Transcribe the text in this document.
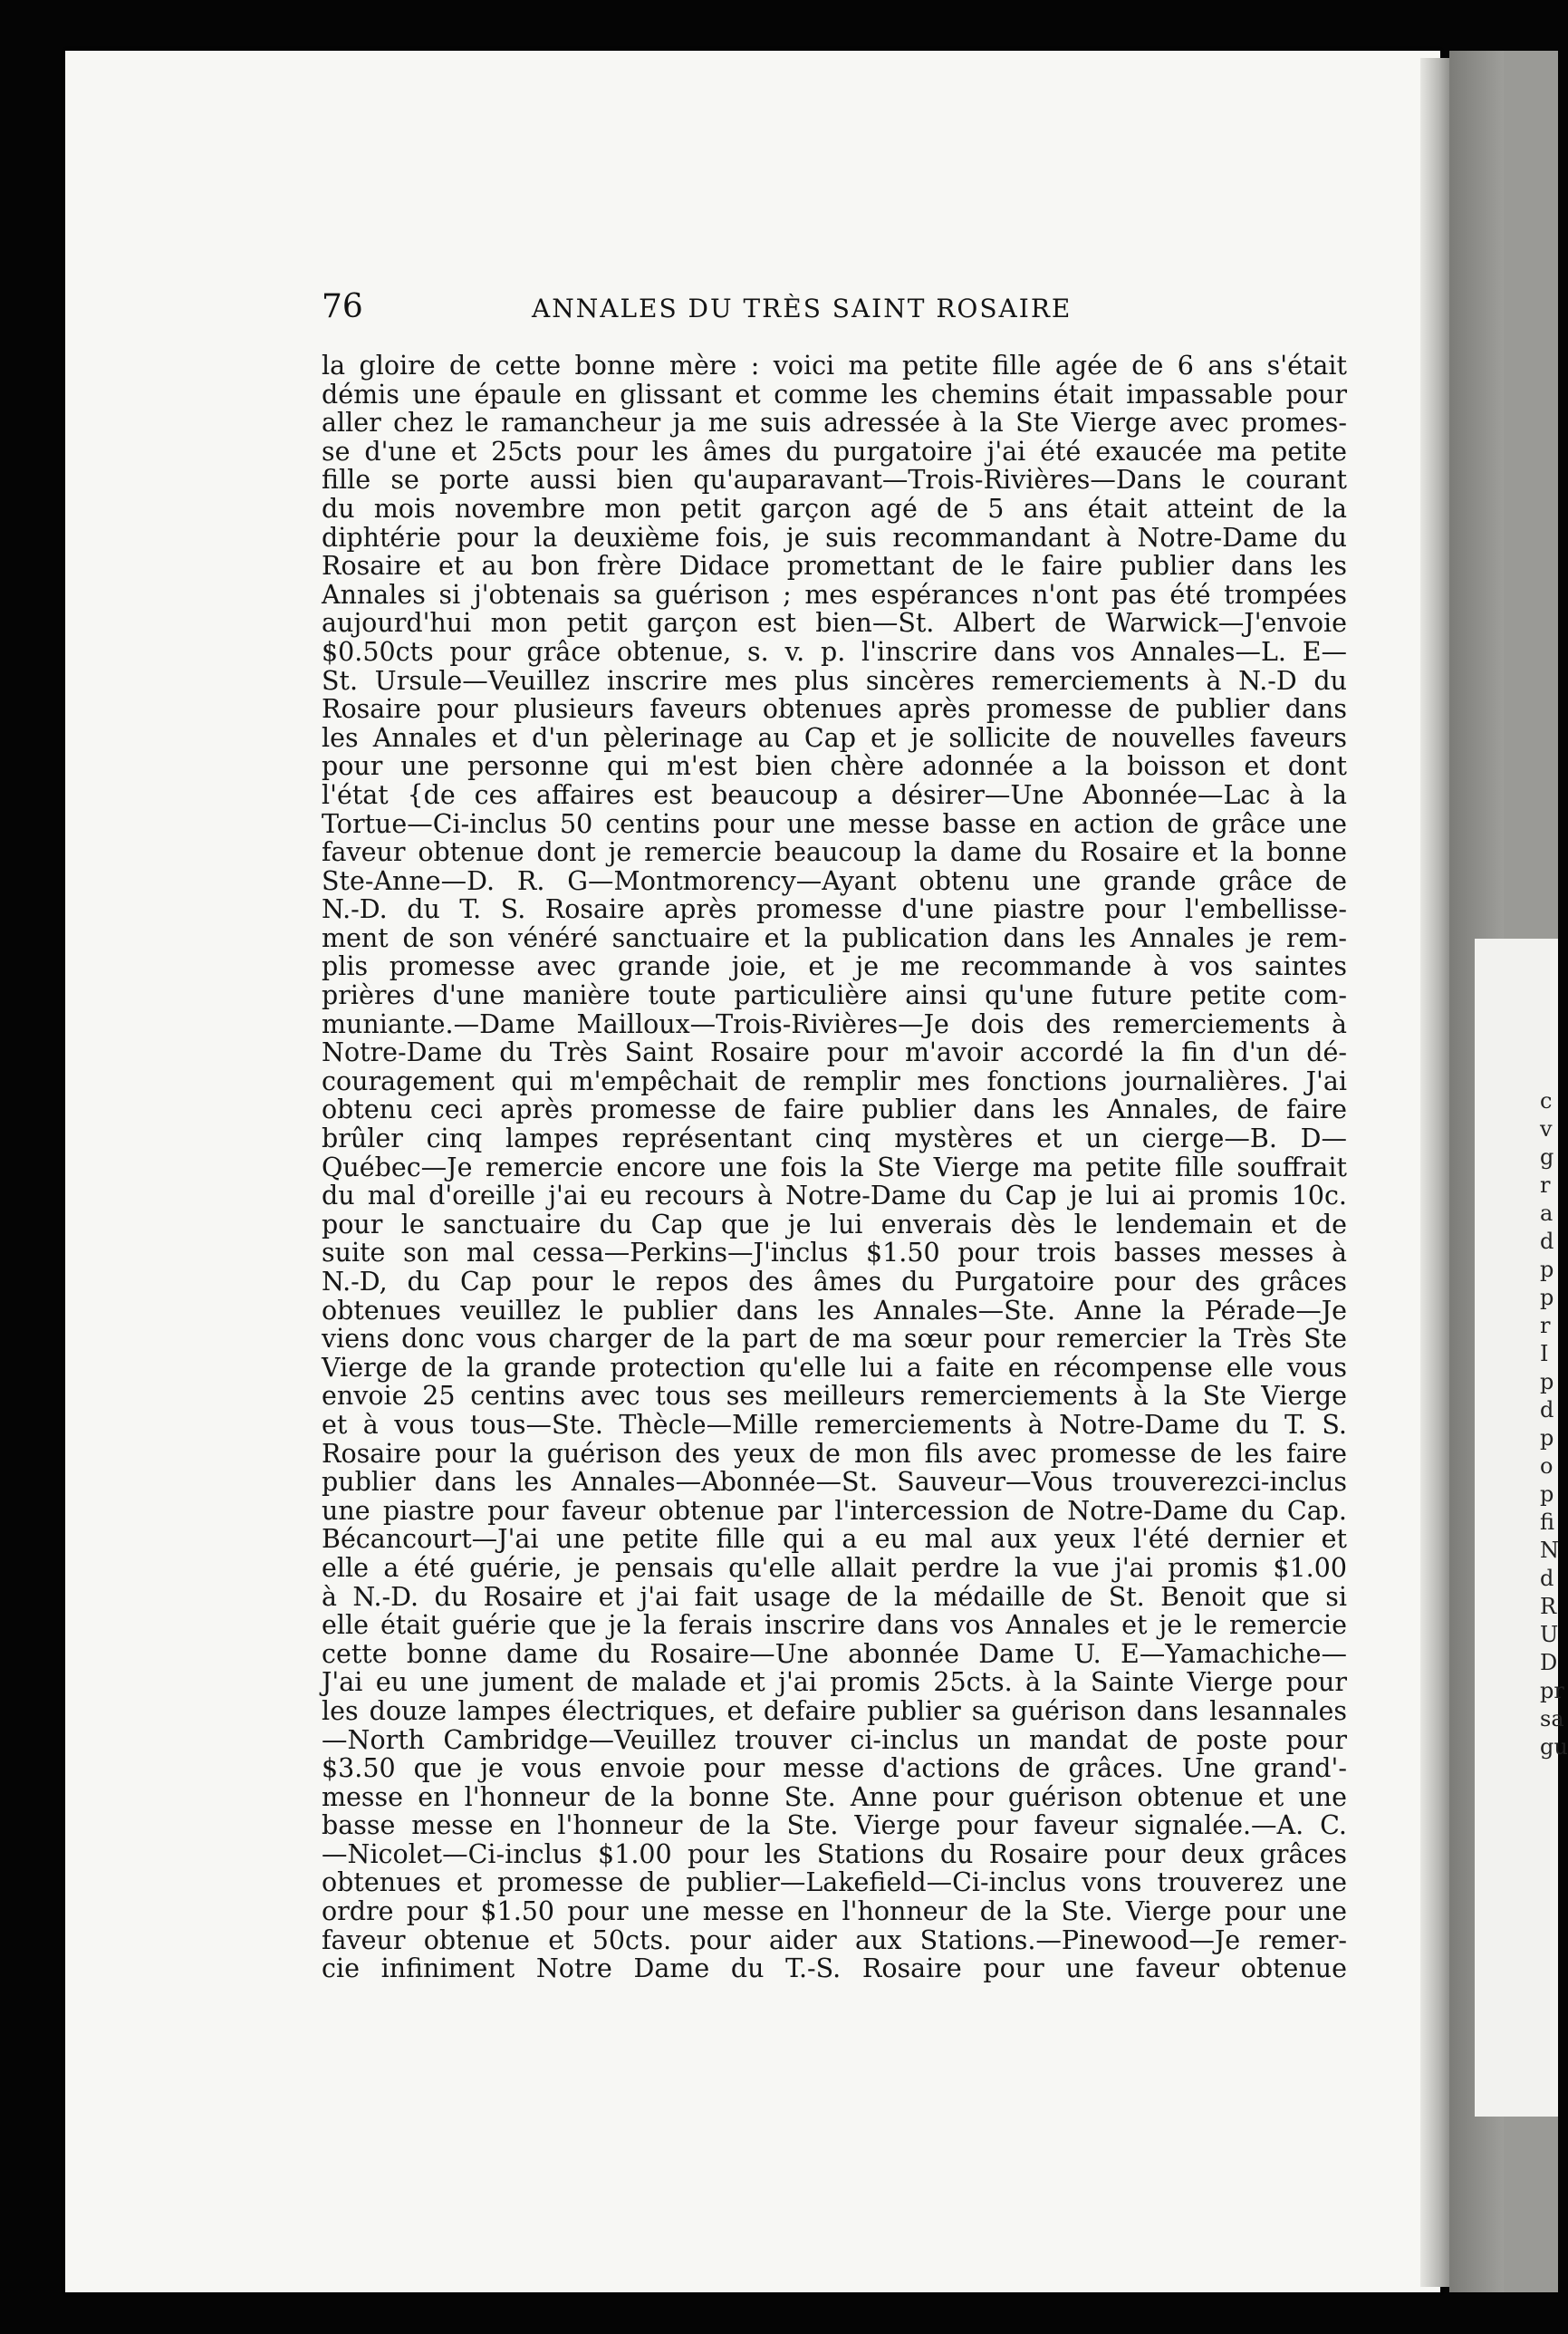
c
v
g
r
a
d
p
p
r
I
p
d
p
o
p
fi
N
d
R
U
D
pr
sa
gu
76	ANNALES DU TRÈS SAINT ROSAIRE
la gloire de cette bonne mère : voici ma petite fille agée de 6 ans s'était
démis une épaule en glissant et comme les chemins était impassable pour
aller chez le ramancheur ja me suis adressée à la Ste Vierge avec promes-
se d'une et 25cts pour les âmes du purgatoire j'ai été exaucée ma petite
fille se porte aussi bien qu'auparavant—Trois-Rivières—Dans le courant
du mois novembre mon petit garçon agé de 5 ans était atteint de la
diphtérie pour la deuxième fois, je suis recommandant à Notre-Dame du
Rosaire et au bon frère Didace promettant de le faire publier dans les
Annales si j'obtenais sa guérison ; mes espérances n'ont pas été trompées
aujourd'hui mon petit garçon est bien—St. Albert de Warwick—J'envoie
$0.50cts pour grâce obtenue, s. v. p. l'inscrire dans vos Annales—L. E—
St. Ursule—Veuillez inscrire mes plus sincères remerciements à N.-D du
Rosaire pour plusieurs faveurs obtenues après promesse de publier dans
les Annales et d'un pèlerinage au Cap et je sollicite de nouvelles faveurs
pour une personne qui m'est bien chère adonnée a la boisson et dont
l'état {de ces affaires est beaucoup a désirer—Une Abonnée—Lac à la
Tortue—Ci-inclus 50 centins pour une messe basse en action de grâce une
faveur obtenue dont je remercie beaucoup la dame du Rosaire et la bonne
Ste-Anne—D. R. G—Montmorency—Ayant obtenu une grande grâce de
N.-D. du T. S. Rosaire après promesse d'une piastre pour l'embellisse-
ment de son vénéré sanctuaire et la publication dans les Annales je rem-
plis promesse avec grande joie, et je me recommande à vos saintes
prières d'une manière toute particulière ainsi qu'une future petite com-
muniante.—Dame Mailloux—Trois-Rivières—Je dois des remerciements à
Notre-Dame du Très Saint Rosaire pour m'avoir accordé la fin d'un dé-
couragement qui m'empêchait de remplir mes fonctions journalières. J'ai
obtenu ceci après promesse de faire publier dans les Annales, de faire
brûler cinq lampes représentant cinq mystères et un cierge—B. D—
Québec—Je remercie encore une fois la Ste Vierge ma petite fille souffrait
du mal d'oreille j'ai eu recours à Notre-Dame du Cap je lui ai promis 10c.
pour le sanctuaire du Cap que je lui enverais dès le lendemain et de
suite son mal cessa—Perkins—J'inclus $1.50 pour trois basses messes à
N.-D, du Cap pour le repos des âmes du Purgatoire pour des grâces
obtenues veuillez le publier dans les Annales—Ste. Anne la Pérade—Je
viens donc vous charger de la part de ma sœur pour remercier la Très Ste
Vierge de la grande protection qu'elle lui a faite en récompense elle vous
envoie 25 centins avec tous ses meilleurs remerciements à la Ste Vierge
et à vous tous—Ste. Thècle—Mille remerciements à Notre-Dame du T. S.
Rosaire pour la guérison des yeux de mon fils avec promesse de les faire
publier dans les Annales—Abonnée—St. Sauveur—Vous trouverezci-inclus
une piastre pour faveur obtenue par l'intercession de Notre-Dame du Cap.
Bécancourt—J'ai une petite fille qui a eu mal aux yeux l'été dernier et
elle a été guérie, je pensais qu'elle allait perdre la vue j'ai promis $1.00
à N.-D. du Rosaire et j'ai fait usage de la médaille de St. Benoit que si
elle était guérie que je la ferais inscrire dans vos Annales et je le remercie
cette bonne dame du Rosaire—Une abonnée Dame U. E—Yamachiche—
J'ai eu une jument de malade et j'ai promis 25cts. à la Sainte Vierge pour
les douze lampes électriques, et defaire publier sa guérison dans lesannales
—North Cambridge—Veuillez trouver ci-inclus un mandat de poste pour
$3.50 que je vous envoie pour messe d'actions de grâces. Une grand'-
messe en l'honneur de la bonne Ste. Anne pour guérison obtenue et une
basse messe en l'honneur de la Ste. Vierge pour faveur signalée.—A. C.
—Nicolet—Ci-inclus $1.00 pour les Stations du Rosaire pour deux grâces
obtenues et promesse de publier—Lakefield—Ci-inclus vons trouverez une
ordre pour $1.50 pour une messe en l'honneur de la Ste. Vierge pour une
faveur obtenue et 50cts. pour aider aux Stations.—Pinewood—Je remer-
cie infiniment Notre Dame du T.-S. Rosaire pour une faveur obtenue
